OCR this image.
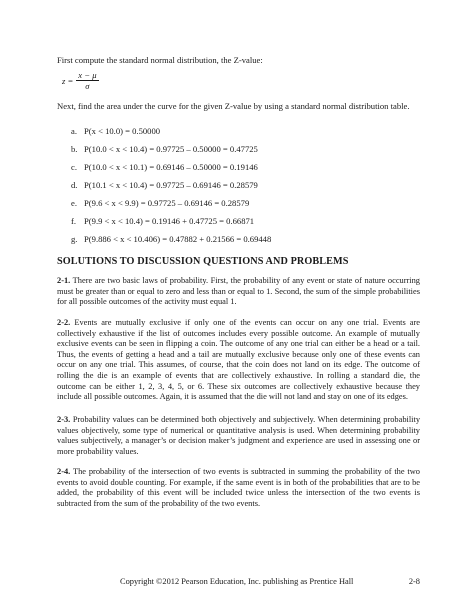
First compute the standard normal distribution, the Z-value:

$z = \frac{x - \mu}{\sigma}$

Next, find the area under the curve for the given Z-value by using a standard normal distribution table.

a. P(x < 10.0) = 0.50000
b. P(10.0 < x < 10.4) = 0.97725 – 0.50000 = 0.47725
c. P(10.0 < x < 10.1) = 0.69146 – 0.50000 = 0.19146
d. P(10.1 < x < 10.4) = 0.97725 – 0.69146 = 0.28579
e. P(9.6 < x < 9.9) = 0.97725 – 0.69146 = 0.28579
f. P(9.9 < x < 10.4) = 0.19146 + 0.47725 = 0.66871
g. P(9.886 < x < 10.406) = 0.47882 + 0.21566 = 0.69448
SOLUTIONS TO DISCUSSION QUESTIONS AND PROBLEMS

2-1. There are two basic laws of probability. First, the probability of any event or state of nature occurring must be greater than or equal to zero and less than or equal to 1. Second, the sum of the simple probabilities for all possible outcomes of the activity must equal 1.

2-2. Events are mutually exclusive if only one of the events can occur on any one trial. Events are collectively exhaustive if the list of outcomes includes every possible outcome. An example of mutually exclusive events can be seen in flipping a coin. The outcome of any one trial can either be a head or a tail. Thus, the events of getting a head and a tail are mutually exclusive because only one of these events can occur on any one trial. This assumes, of course, that the coin does not land on its edge. The outcome of rolling the die is an example of events that are collectively exhaustive. In rolling a standard die, the outcome can be either 1, 2, 3, 4, 5, or 6. These six outcomes are collectively exhaustive because they include all possible outcomes. Again, it is assumed that the die will not land and stay on one of its edges.

2-3. Probability values can be determined both objectively and subjectively. When determining probability values objectively, some type of numerical or quantitative analysis is used. When determining probability values subjectively, a manager’s or decision maker’s judgment and experience are used in assessing one or more probability values.

2-4. The probability of the intersection of two events is subtracted in summing the probability of the two events to avoid double counting. For example, if the same event is in both of the probabilities that are to be added, the probability of this event will be included twice unless the intersection of the two events is subtracted from the sum of the probability of the two events.

Copyright ©2012 Pearson Education, Inc. publishing as Prentice Hall	2-8
